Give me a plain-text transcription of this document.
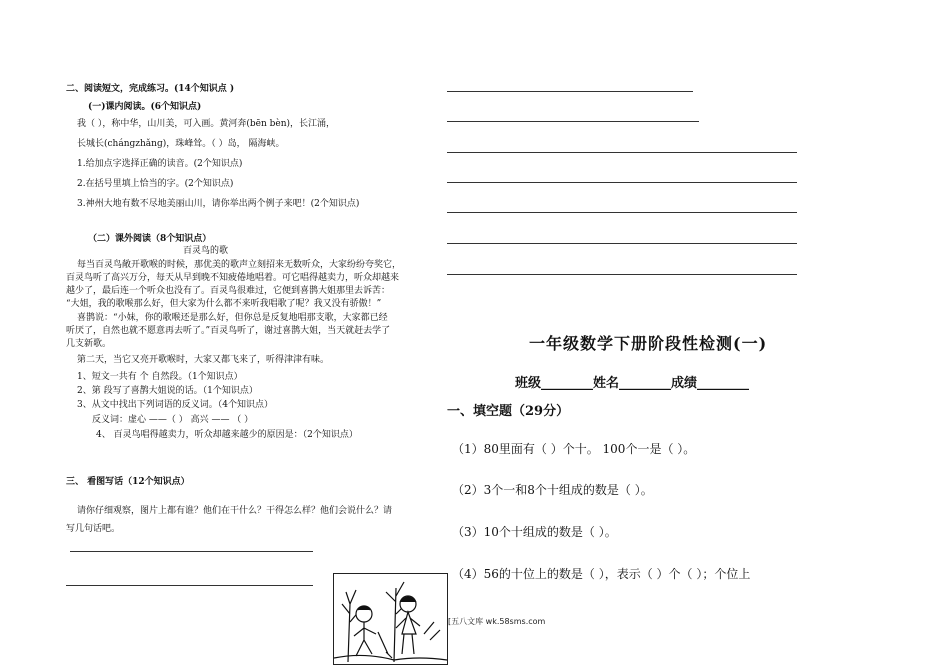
二、阅读短文，完成练习。(14个知识点 )
(一)课内阅读。(6个知识点)
我（ ），称中华，山川美，可入画。黄河奔(bēn bèn)，长江涌，
长城长(chánɡzhǎnɡ)，珠峰耸。（ ）岛， 隔海峡。
1.给加点字选择正确的读音。(2个知识点)
2.在括号里填上恰当的字。(2个知识点)
3.神州大地有数不尽地美丽山川，请你举出两个例子来吧！(2个知识点)
（二）课外阅读（8个知识点）
百灵鸟的歌
每当百灵鸟敞开歌喉的时候，那优美的歌声立刻招来无数听众，大家纷纷夸奖它，
百灵鸟听了高兴万分，每天从早到晚不知疲倦地唱着。可它唱得越卖力，听众却越来
越少了，最后连一个听众也没有了。百灵鸟很难过，它便到喜鹊大姐那里去诉苦：
“大姐，我的歌喉那么好，但大家为什么都不来听我唱歌了呢？我又没有骄傲！”
喜鹊说：“小妹，你的歌喉还是那么好，但你总是反复地唱那支歌，大家都已经
听厌了，自然也就不愿意再去听了。”百灵鸟听了，谢过喜鹊大姐，当天就赶去学了
几支新歌。
第二天，当它又亮开歌喉时，大家又都飞来了，听得津津有味。
1、短文一共有 个 自然段。（1个知识点）
2、第 段写了喜鹊大姐说的话。（1个知识点）
3、从文中找出下列词语的反义词。（4个知识点）
反义词：虚心 ——（ ） 高兴 —— （ ）
4、 百灵鸟唱得越卖力，听众却越来越少的原因是：（2个知识点）
三、 看图写话（12个知识点）
请你仔细观察，图片上都有谁？他们在干什么？干得怎么样？他们会说什么？请
写几句话吧。
[五八文库 wk.58sms.com
一年级数学下册阶段性检测(一)
班级________姓名________成绩________
一、填空题（29分）
（1）80里面有（ ）个十。 100个一是（ ）。
（2）3个一和8个十组成的数是（ ）。
（3）10个十组成的数是（ ）。
（4）56的十位上的数是（ ），表示（ ）个（ ）；个位上
